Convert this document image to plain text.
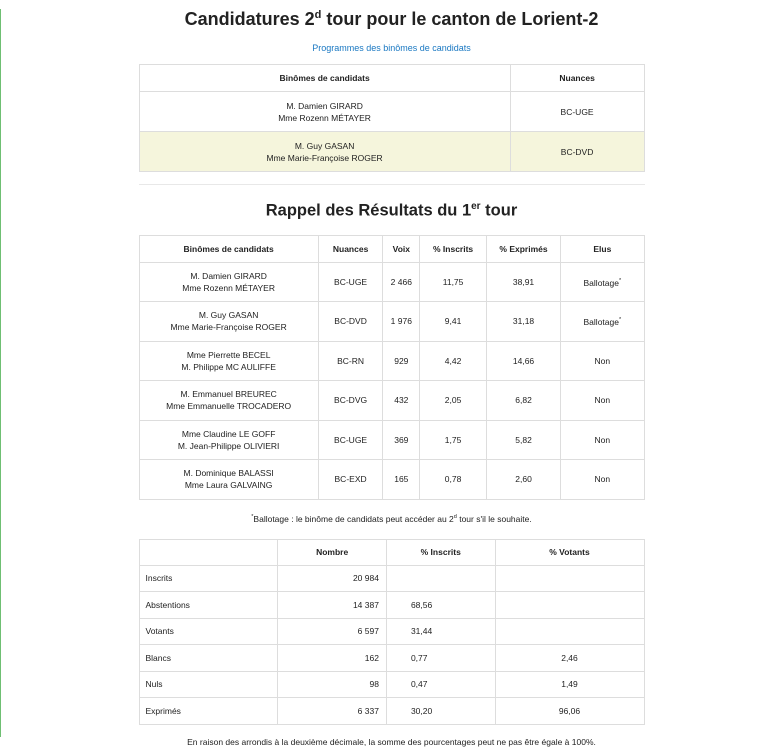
Candidatures 2$^d$ tour pour le canton de Lorient-2
Programmes des binômes de candidats
Binômes de candidats	Nuances
M. Damien GIRARD
Mme Rozenn MÉTAYER	BC-UGE
M. Guy GASAN
Mme Marie-Françoise ROGER	BC-DVD
Rappel des Résultats du 1er tour
Binômes de candidats	Nuances	Voix	% Inscrits	% Exprimés	Elus
M. Damien GIRARD
Mme Rozenn MÉTAYER	BC-UGE	2 466	11,75	38,91	Ballotage*
M. Guy GASAN
Mme Marie-Françoise ROGER	BC-DVD	1 976	9,41	31,18	Ballotage*
Mme Pierrette BECEL
M. Philippe MC AULIFFE	BC-RN	929	4,42	14,66	Non
M. Emmanuel BREUREC
Mme Emmanuelle TROCADERO	BC-DVG	432	2,05	6,82	Non
Mme Claudine LE GOFF
M. Jean-Philippe OLIVIERI	BC-UGE	369	1,75	5,82	Non
M. Dominique BALASSI
Mme Laura GALVAING	BC-EXD	165	0,78	2,60	Non

*Ballotage : le binôme de candidats peut accéder au 2$^d$ tour s'il le souhaite.

	Nombre	% Inscrits	% Votants
Inscrits	20 984		
Abstentions	14 387	68,56	
Votants	6 597	31,44	
Blancs	162	0,77	2,46
Nuls	98	0,47	1,49
Exprimés	6 337	30,20	96,06

En raison des arrondis à la deuxième décimale, la somme des pourcentages peut ne pas être égale à 100%.
